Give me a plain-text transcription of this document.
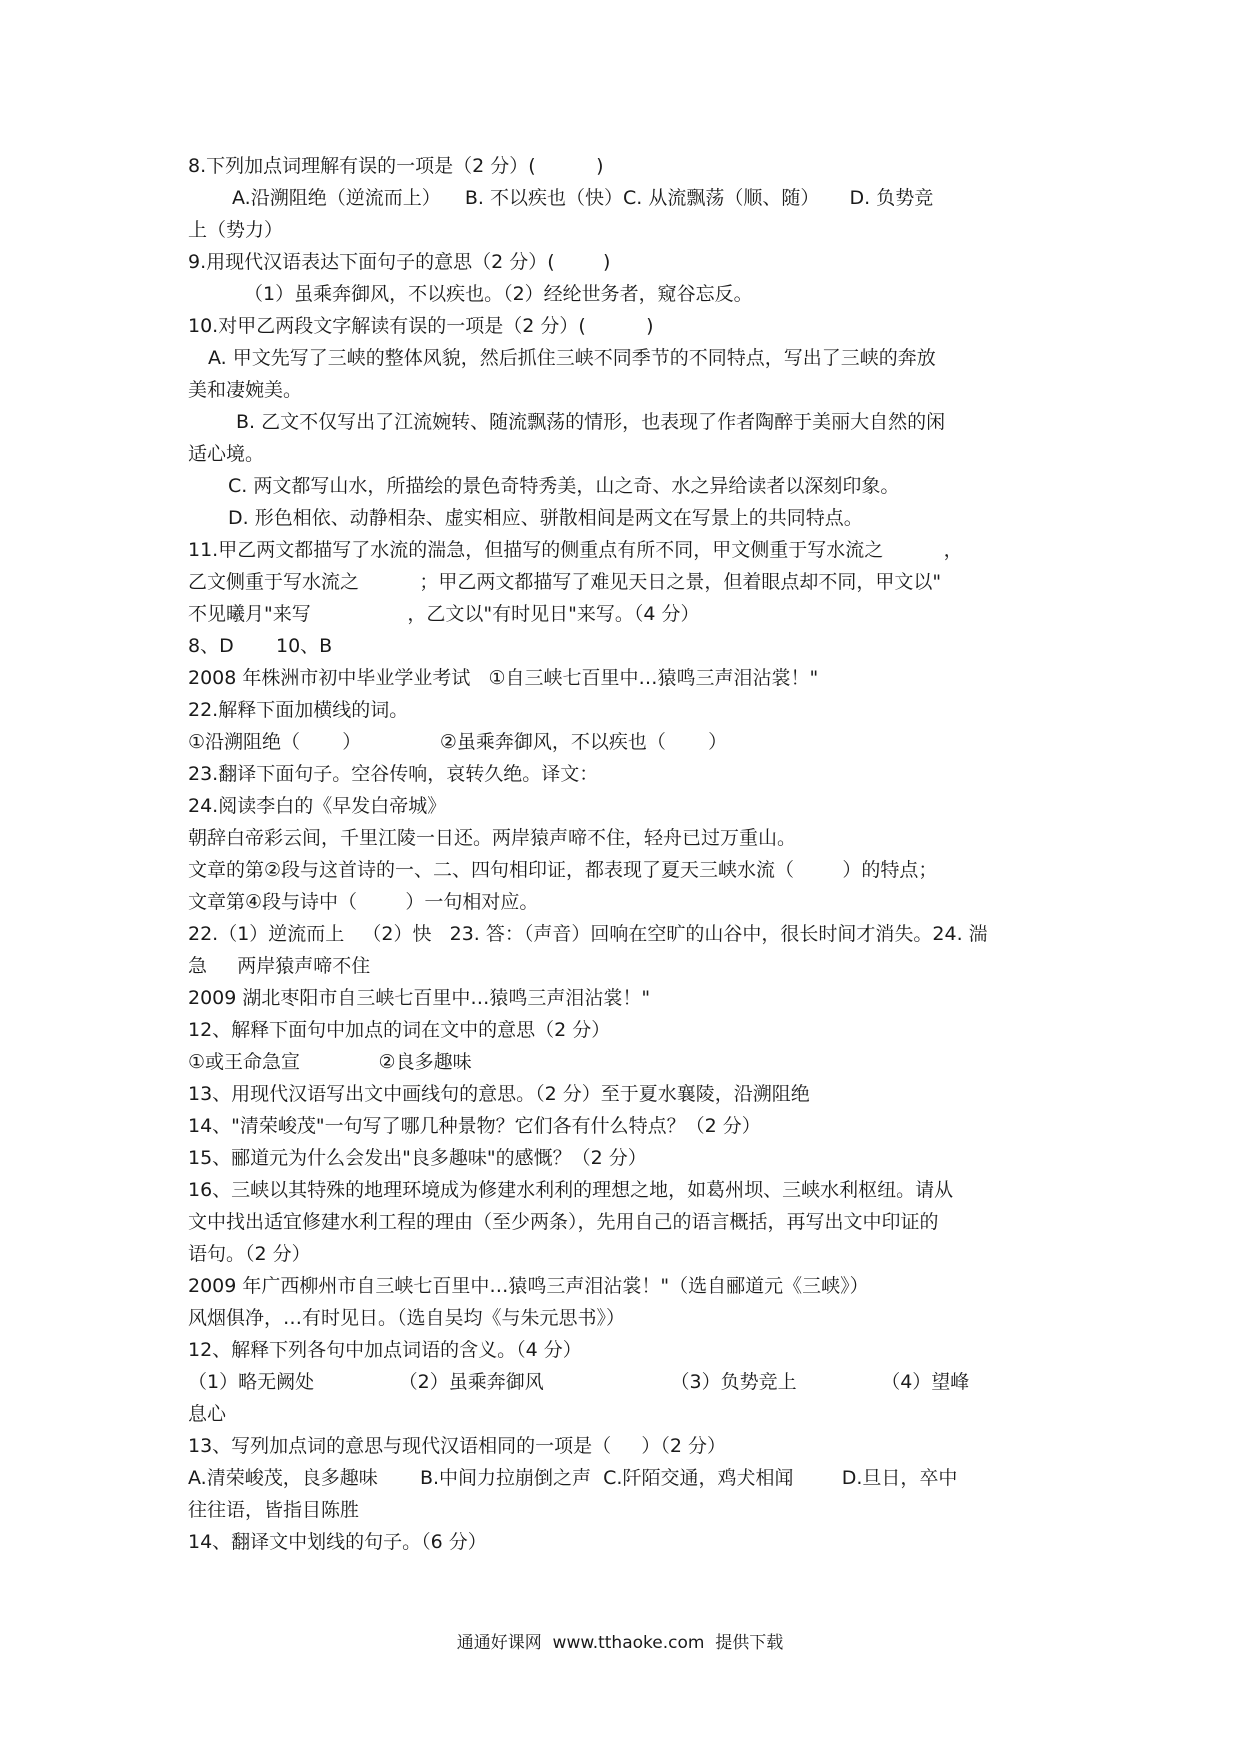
8.下列加点词理解有误的一项是（2 分）(          )
A.沿溯阻绝（逆流而上）    B. 不以疾也（快）C. 从流飘荡（顺、随）     D. 负势竞
上（势力）
9.用现代汉语表达下面句子的意思（2 分）(        )
（1）虽乘奔御风，不以疾也。（2）经纶世务者，窥谷忘反。
10.对甲乙两段文字解读有误的一项是（2 分）(          )
A. 甲文先写了三峡的整体风貌，然后抓住三峡不同季节的不同特点，写出了三峡的奔放
美和凄婉美。
B. 乙文不仅写出了江流婉转、随流飘荡的情形，也表现了作者陶醉于美丽大自然的闲
适心境。
C. 两文都写山水，所描绘的景色奇特秀美，山之奇、水之异给读者以深刻印象。
D. 形色相依、动静相杂、虚实相应、骈散相间是两文在写景上的共同特点。
11.甲乙两文都描写了水流的湍急，但描写的侧重点有所不同，甲文侧重于写水流之          ，
乙文侧重于写水流之          ；甲乙两文都描写了难见天日之景，但着眼点却不同，甲文以"
不见曦月"来写                ，乙文以"有时见日"来写。（4 分）
8、D       10、B
2008 年株洲市初中毕业学业考试   ①自三峡七百里中…猿鸣三声泪沾裳！"
22.解释下面加横线的词。
①沿溯阻绝（       ）             ②虽乘奔御风，不以疾也（       ）
23.翻译下面句子。空谷传响，哀转久绝。译文：
24.阅读李白的《早发白帝城》
朝辞白帝彩云间，千里江陵一日还。两岸猿声啼不住，轻舟已过万重山。
文章的第②段与这首诗的一、二、四句相印证，都表现了夏天三峡水流（        ）的特点；
文章第④段与诗中（        ）一句相对应。
22.（1）逆流而上   （2）快   23. 答：（声音）回响在空旷的山谷中，很长时间才消失。24. 湍
急     两岸猿声啼不住
2009 湖北枣阳市自三峡七百里中…猿鸣三声泪沾裳！"
12、解释下面句中加点的词在文中的意思（2 分）
①或王命急宣             ②良多趣味
13、用现代汉语写出文中画线句的意思。（2 分）至于夏水襄陵，沿溯阻绝
14、"清荣峻茂"一句写了哪几种景物？它们各有什么特点？（2 分）
15、郦道元为什么会发出"良多趣味"的感慨？（2 分）
16、三峡以其特殊的地理环境成为修建水利利的理想之地，如葛州坝、三峡水利枢纽。请从
文中找出适宜修建水利工程的理由（至少两条），先用自己的语言概括，再写出文中印证的
语句。（2 分）
2009 年广西柳州市自三峡七百里中…猿鸣三声泪沾裳！"（选自郦道元《三峡》）
风烟俱净，…有时见日。（选自吴均《与朱元思书》）
12、解释下列各句中加点词语的含义。（4 分）
（1）略无阙处              （2）虽乘奔御风                     （3）负势竞上              （4）望峰
息心
13、写列加点词的意思与现代汉语相同的一项是（     ）（2 分）
A.清荣峻茂，良多趣味       B.中间力拉崩倒之声  C.阡陌交通，鸡犬相闻        D.旦日，卒中
往往语，皆指目陈胜
14、翻译文中划线的句子。（6 分）
通通好课网  www.tthaoke.com  提供下载
